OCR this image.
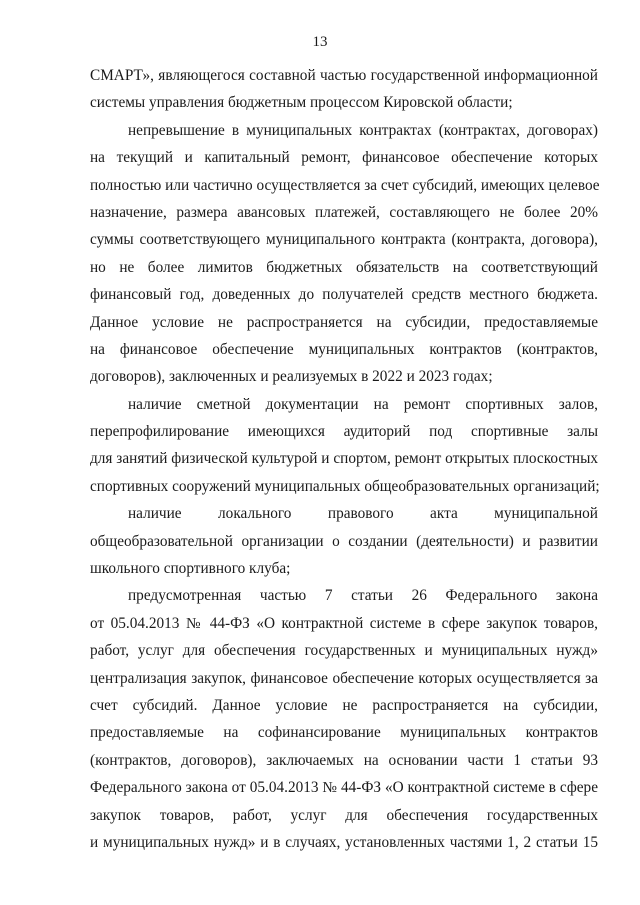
13
СМАРТ», являющегося составной частью государственной информационной
системы управления бюджетным процессом Кировской области;
непревышение в муниципальных контрактах (контрактах, договорах)
на текущий и капитальный ремонт, финансовое обеспечение которых
полностью или частично осуществляется за счет субсидий, имеющих целевое
назначение, размера авансовых платежей, составляющего не более 20%
суммы соответствующего муниципального контракта (контракта, договора),
но не более лимитов бюджетных обязательств на соответствующий
финансовый год, доведенных до получателей средств местного бюджета.
Данное условие не распространяется на субсидии, предоставляемые
на финансовое обеспечение муниципальных контрактов (контрактов,
договоров), заключенных и реализуемых в 2022 и 2023 годах;
наличие сметной документации на ремонт спортивных залов,
перепрофилирование имеющихся аудиторий под спортивные залы
для занятий физической культурой и спортом, ремонт открытых плоскостных
спортивных сооружений муниципальных общеобразовательных организаций;
наличие локального правового акта муниципальной
общеобразовательной организации о создании (деятельности) и развитии
школьного спортивного клуба;
предусмотренная частью 7 статьи 26 Федерального закона
от 05.04.2013 № 44-ФЗ «О контрактной системе в сфере закупок товаров,
работ, услуг для обеспечения государственных и муниципальных нужд»
централизация закупок, финансовое обеспечение которых осуществляется за
счет субсидий. Данное условие не распространяется на субсидии,
предоставляемые на софинансирование муниципальных контрактов
(контрактов, договоров), заключаемых на основании части 1 статьи 93
Федерального закона от 05.04.2013 № 44-ФЗ «О контрактной системе в сфере
закупок товаров, работ, услуг для обеспечения государственных
и муниципальных нужд» и в случаях, установленных частями 1, 2 статьи 15
